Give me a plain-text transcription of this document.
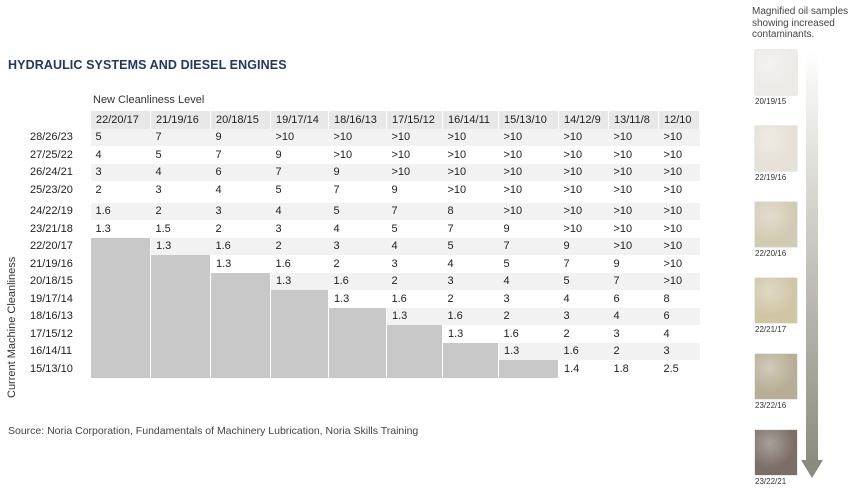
HYDRAULIC SYSTEMS AND DIESEL ENGINES
New Cleanliness Level
Current Machine Cleanliness
	22/20/17	21/19/16	20/18/15	19/17/14	18/16/13	17/15/12	16/14/11	15/13/10	14/12/9	13/11/8	12/10
28/26/23	5	7	9	>10	>10	>10	>10	>10	>10	>10	>10
27/25/22	4	5	7	9	>10	>10	>10	>10	>10	>10	>10
26/24/21	3	4	6	7	9	>10	>10	>10	>10	>10	>10
25/23/20	2	3	4	5	7	9	>10	>10	>10	>10	>10
24/22/19	1.6	2	3	4	5	7	8	>10	>10	>10	>10
23/21/18	1.3	1.5	2	3	4	5	7	9	>10	>10	>10
22/20/17		1.3	1.6	2	3	4	5	7	9	>10	>10
21/19/16			1.3	1.6	2	3	4	5	7	9	>10
20/18/15				1.3	1.6	2	3	4	5	7	>10
19/17/14					1.3	1.6	2	3	4	6	8
18/16/13						1.3	1.6	2	3	4	6
17/15/12							1.3	1.6	2	3	4
16/14/11								1.3	1.6	2	3
15/13/10									1.4	1.8	2.5
Source: Noria Corporation, Fundamentals of Machinery Lubrication, Noria Skills Training
Magnified oil samples showing increased contaminants.
20/19/15
22/19/16
22/20/16
22/21/17
23/22/16
23/22/21
